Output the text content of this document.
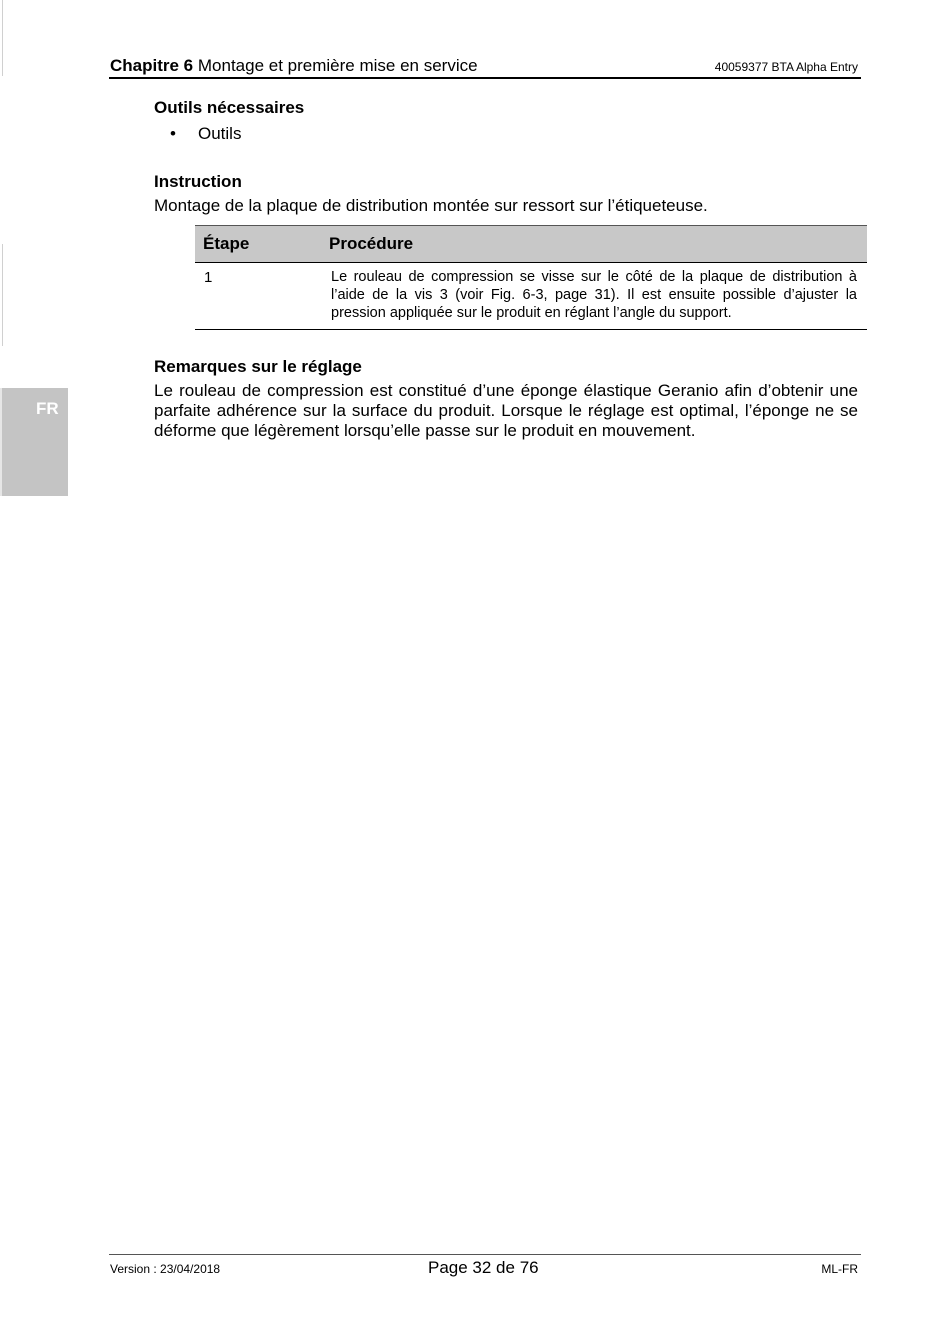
FR
Chapitre 6 Montage et première mise en service	40059377 BTA Alpha Entry
Outils nécessaires
• Outils
Instruction
Montage de la plaque de distribution montée sur ressort sur l’étiqueteuse.
Étape	Procédure
1	Le rouleau de compression se visse sur le côté de la plaque de distribution à l’aide de la vis 3 (voir Fig. 6-3, page 31). Il est ensuite possible d’ajuster la pression appliquée sur le produit en réglant l’angle du support.
Remarques sur le réglage
Le rouleau de compression est constitué d’une éponge élastique Geranio afin d’obtenir une parfaite adhérence sur la surface du produit. Lorsque le réglage est optimal, l’éponge ne se déforme que légèrement lorsqu’elle passe sur le produit en mouvement.
Version : 23/04/2018	Page 32 de 76	ML-FR
